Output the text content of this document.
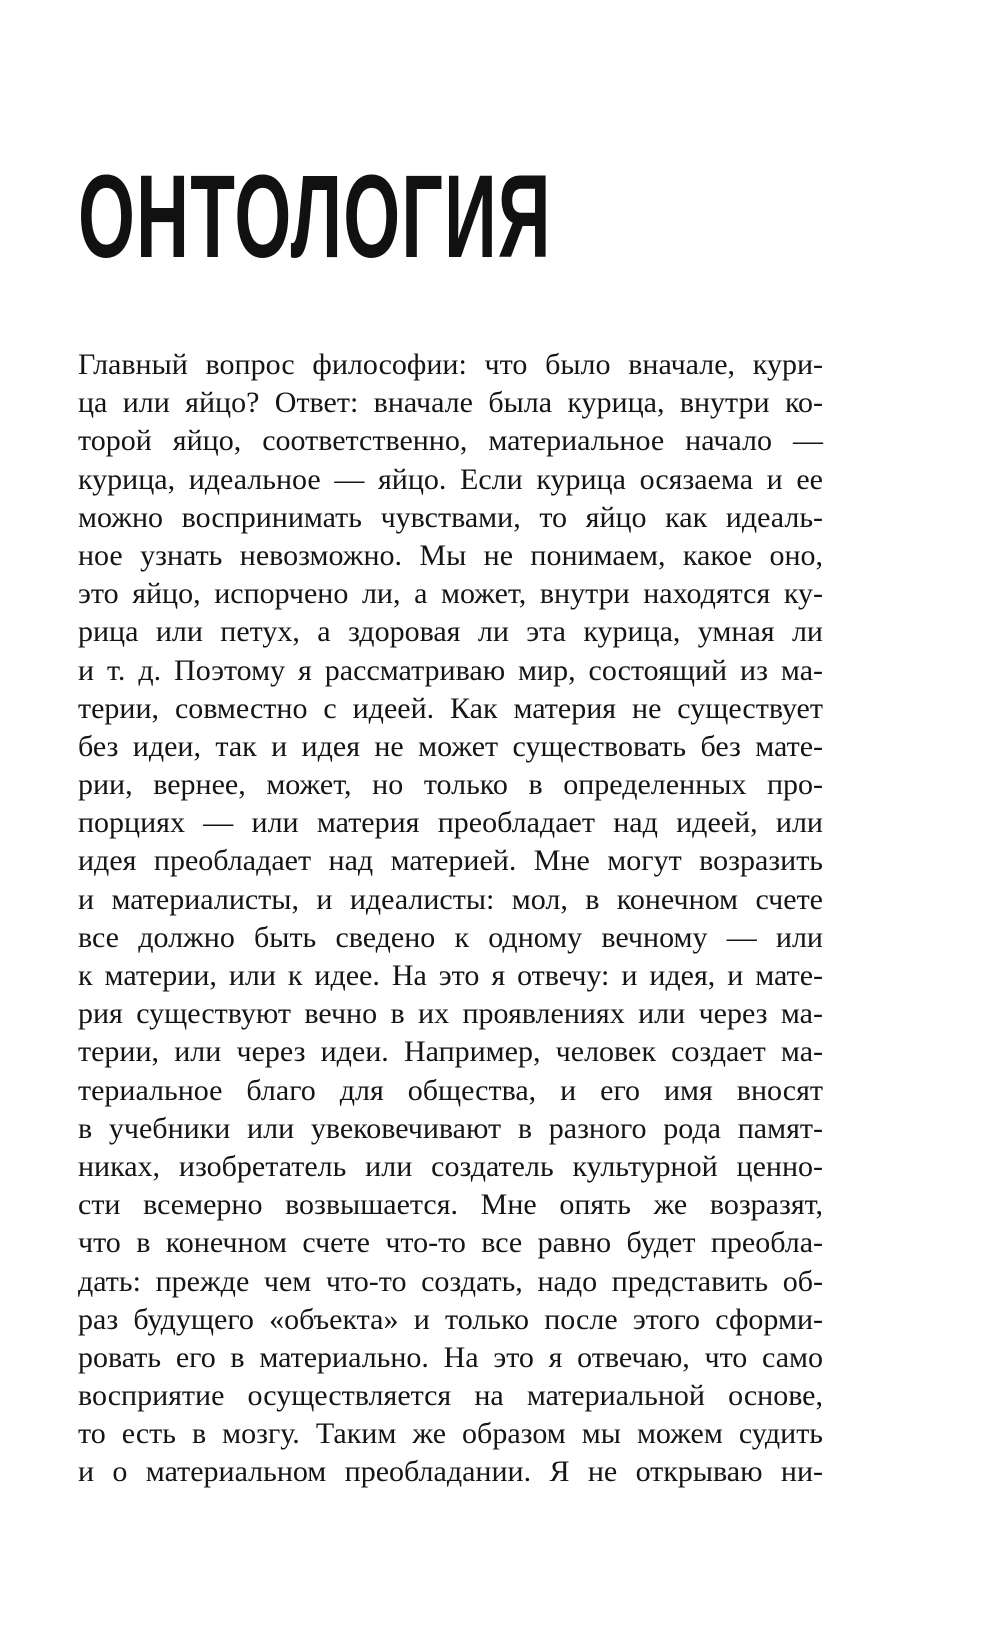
ОНТОЛОГИЯ
Главный вопрос философии: что было вначале, кури-
ца или яйцо? Ответ: вначале была курица, внутри ко-
торой яйцо, соответственно, материальное начало —
курица, идеальное — яйцо. Если курица осязаема и ее
можно воспринимать чувствами, то яйцо как идеаль-
ное узнать невозможно. Мы не понимаем, какое оно,
это яйцо, испорчено ли, а может, внутри находятся ку-
рица или петух, а здоровая ли эта курица, умная ли
и т. д. Поэтому я рассматриваю мир, состоящий из ма-
терии, совместно с идеей. Как материя не существует
без идеи, так и идея не может существовать без мате-
рии, вернее, может, но только в определенных про-
порциях — или материя преобладает над идеей, или
идея преобладает над материей. Мне могут возразить
и материалисты, и идеалисты: мол, в конечном счете
все должно быть сведено к одному вечному — или
к материи, или к идее. На это я отвечу: и идея, и мате-
рия существуют вечно в их проявлениях или через ма-
терии, или через идеи. Например, человек создает ма-
териальное благо для общества, и его имя вносят
в учебники или увековечивают в разного рода памят-
никах, изобретатель или создатель культурной ценно-
сти всемерно возвышается. Мне опять же возразят,
что в конечном счете что-то все равно будет преобла-
дать: прежде чем что-то создать, надо представить об-
раз будущего «объекта» и только после этого сформи-
ровать его в материально. На это я отвечаю, что само
восприятие осуществляется на материальной основе,
то есть в мозгу. Таким же образом мы можем судить
и о материальном преобладании. Я не открываю ни-
